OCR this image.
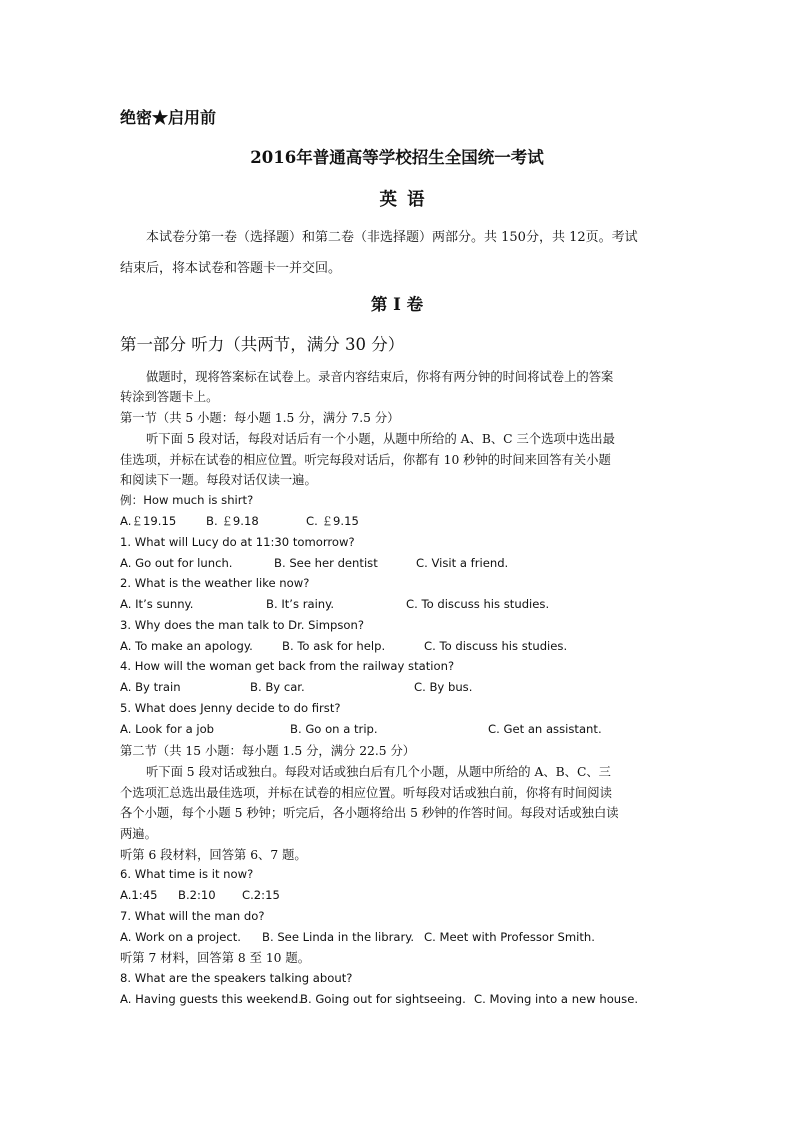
绝密★启用前
2016年普通高等学校招生全国统一考试
英语
本试卷分第一卷（选择题）和第二卷（非选择题）两部分。共 150分，共 12页。考试
结束后，将本试卷和答题卡一并交回。
第 I 卷
第一部分 听力（共两节，满分 30 分）
做题时，现将答案标在试卷上。录音内容结束后，你将有两分钟的时间将试卷上的答案
转涂到答题卡上。
第一节（共 5 小题：每小题 1.5 分，满分 7.5 分）
听下面 5 段对话，每段对话后有一个小题，从题中所给的 A、B、C 三个选项中选出最
佳选项，并标在试卷的相应位置。听完每段对话后，你都有 10 秒钟的时间来回答有关小题
和阅读下一题。每段对话仅读一遍。
例：How much is shirt?
A.￡19.15	B. ￡9.18	C. ￡9.15
1. What will Lucy do at 11:30 tomorrow?
A. Go out for lunch.	B. See her dentist	C. Visit a friend.
2. What is the weather like now?
A. It’s sunny.	B. It’s rainy.	C. To discuss his studies.
3. Why does the man talk to Dr. Simpson?
A. To make an apology.	B. To ask for help.	C. To discuss his studies.
4. How will the woman get back from the railway station?
A. By train	B. By car.	C. By bus.
5. What does Jenny decide to do first?
A. Look for a job	B. Go on a trip.	C. Get an assistant.
第二节（共 15 小题：每小题 1.5 分，满分 22.5 分）
听下面 5 段对话或独白。每段对话或独白后有几个小题，从题中所给的 A、B、C、三
个选项汇总选出最佳选项，并标在试卷的相应位置。听每段对话或独白前，你将有时间阅读
各个小题，每个小题 5 秒钟；听完后，各小题将给出 5 秒钟的作答时间。每段对话或独白读
两遍。
听第 6 段材料，回答第 6、7 题。
6. What time is it now?
A.1:45 B.2:10 C.2:15
7. What will the man do?
A. Work on a project. B. See Linda in the library. C. Meet with Professor Smith.
听第 7 材料，回答第 8 至 10 题。
8. What are the speakers talking about?
A. Having guests this weekend.
B. Going out for sightseeing. C. Moving into a new house.
